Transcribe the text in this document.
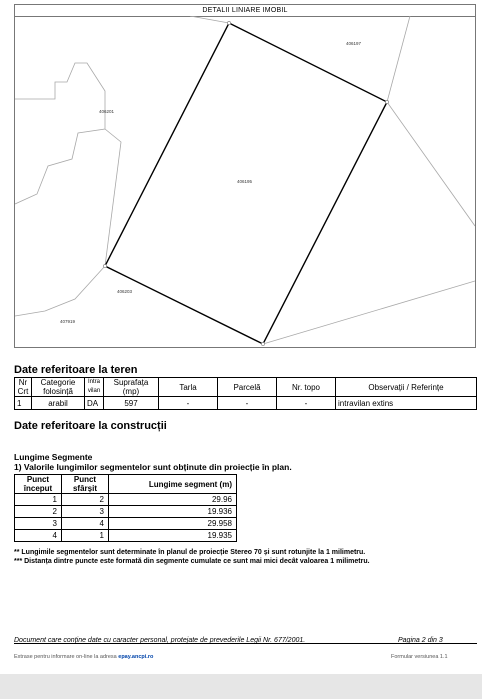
DETALII LINIARE IMOBIL
406197
406201
406195
406203
407919
Date referitoare la teren
Nr Crt	Categorie folosință	Intra vilan	Suprafața (mp)	Tarla	Parcelă	Nr. topo	Observații / Referințe
1	arabil	DA	597	-	-	-	intravilan extins
Date referitoare la construcții
Lungime Segmente
1) Valorile lungimilor segmentelor sunt obținute din proiecție în plan.
Punct început	Punct sfârșit	Lungime segment (m)
1	2	29.96
2	3	19.936
3	4	29.958
4	1	19.935
** Lungimile segmentelor sunt determinate în planul de proiecție Stereo 70 și sunt rotunjite la 1 milimetru.
*** Distanța dintre puncte este formată din segmente cumulate ce sunt mai mici decât valoarea 1 milimetru.
Document care conține date cu caracter personal, protejate de prevederile Legii Nr. 677/2001.	Pagina 2 din 3
Extrase pentru informare on-line la adresa epay.ancpi.ro	Formular versiunea 1.1
